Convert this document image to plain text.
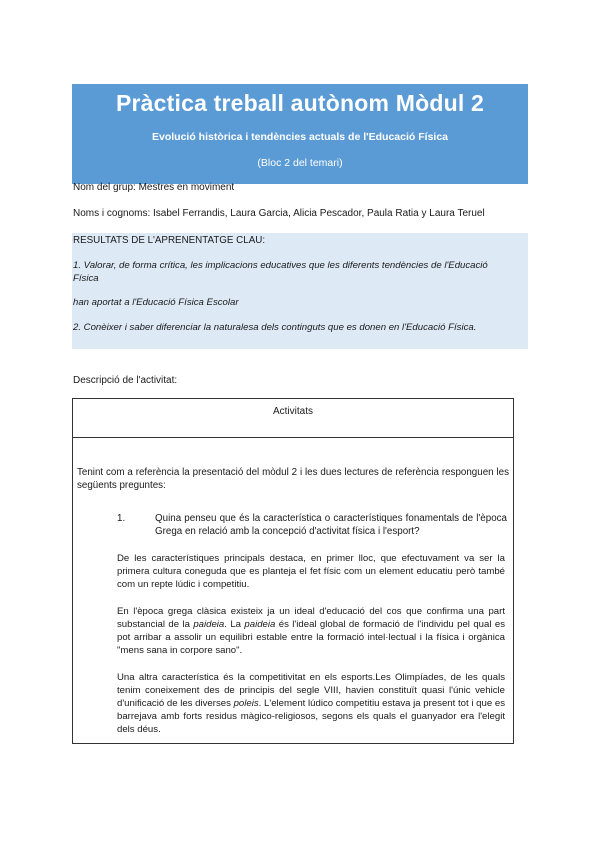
Pràctica treball autònom Mòdul 2
Evolució històrica i tendències actuals de l'Educació Física
(Bloc 2 del temari)
Nom del grup: Mestres en moviment
Noms i cognoms: Isabel Ferrandis, Laura Garcia, Alicia Pescador, Paula Ratia y Laura Teruel

RESULTATS DE L'APRENENTATGE CLAU:

1. Valorar, de forma crítica, les implicacions educatives que les diferents tendències de l'Educació

Física

han aportat a l'Educació Física Escolar

2. Conèixer i saber diferenciar la naturalesa dels continguts que es donen en l'Educació Física.

Descripció de l'activitat:
Activitats

Tenint com a referència la presentació del mòdul 2 i les dues lectures de referència responguen les següents preguntes:

1.	Quina penseu que és la característica o característiques fonamentals de l'època Grega en relació amb la concepció d'activitat física i l'esport?

De les característiques principals destaca, en primer lloc, que efectuvament va ser la primera cultura coneguda que es planteja el fet físic com un element educatiu però també com un repte lúdic i competitiu.

En l'època grega clàsica existeix ja un ideal d'educació del cos que confirma una part substancial de la paideia. La paideia és l'ideal global de formació de l'individu pel qual es pot arribar a assolir un equilibri estable entre la formació intel·lectual i la física i orgànica "mens sana in corpore sano".

Una altra característica és la competitivitat en els esports.Les Olimpíades, de les quals tenim coneixement des de principis del segle VIII, havien constituït quasi l'únic vehicle d'unificació de les diverses poleis. L'element lúdico competitiu estava ja present tot i que es barrejava amb forts residus màgico-religiosos, segons els quals el guanyador era l'elegit dels déus.
